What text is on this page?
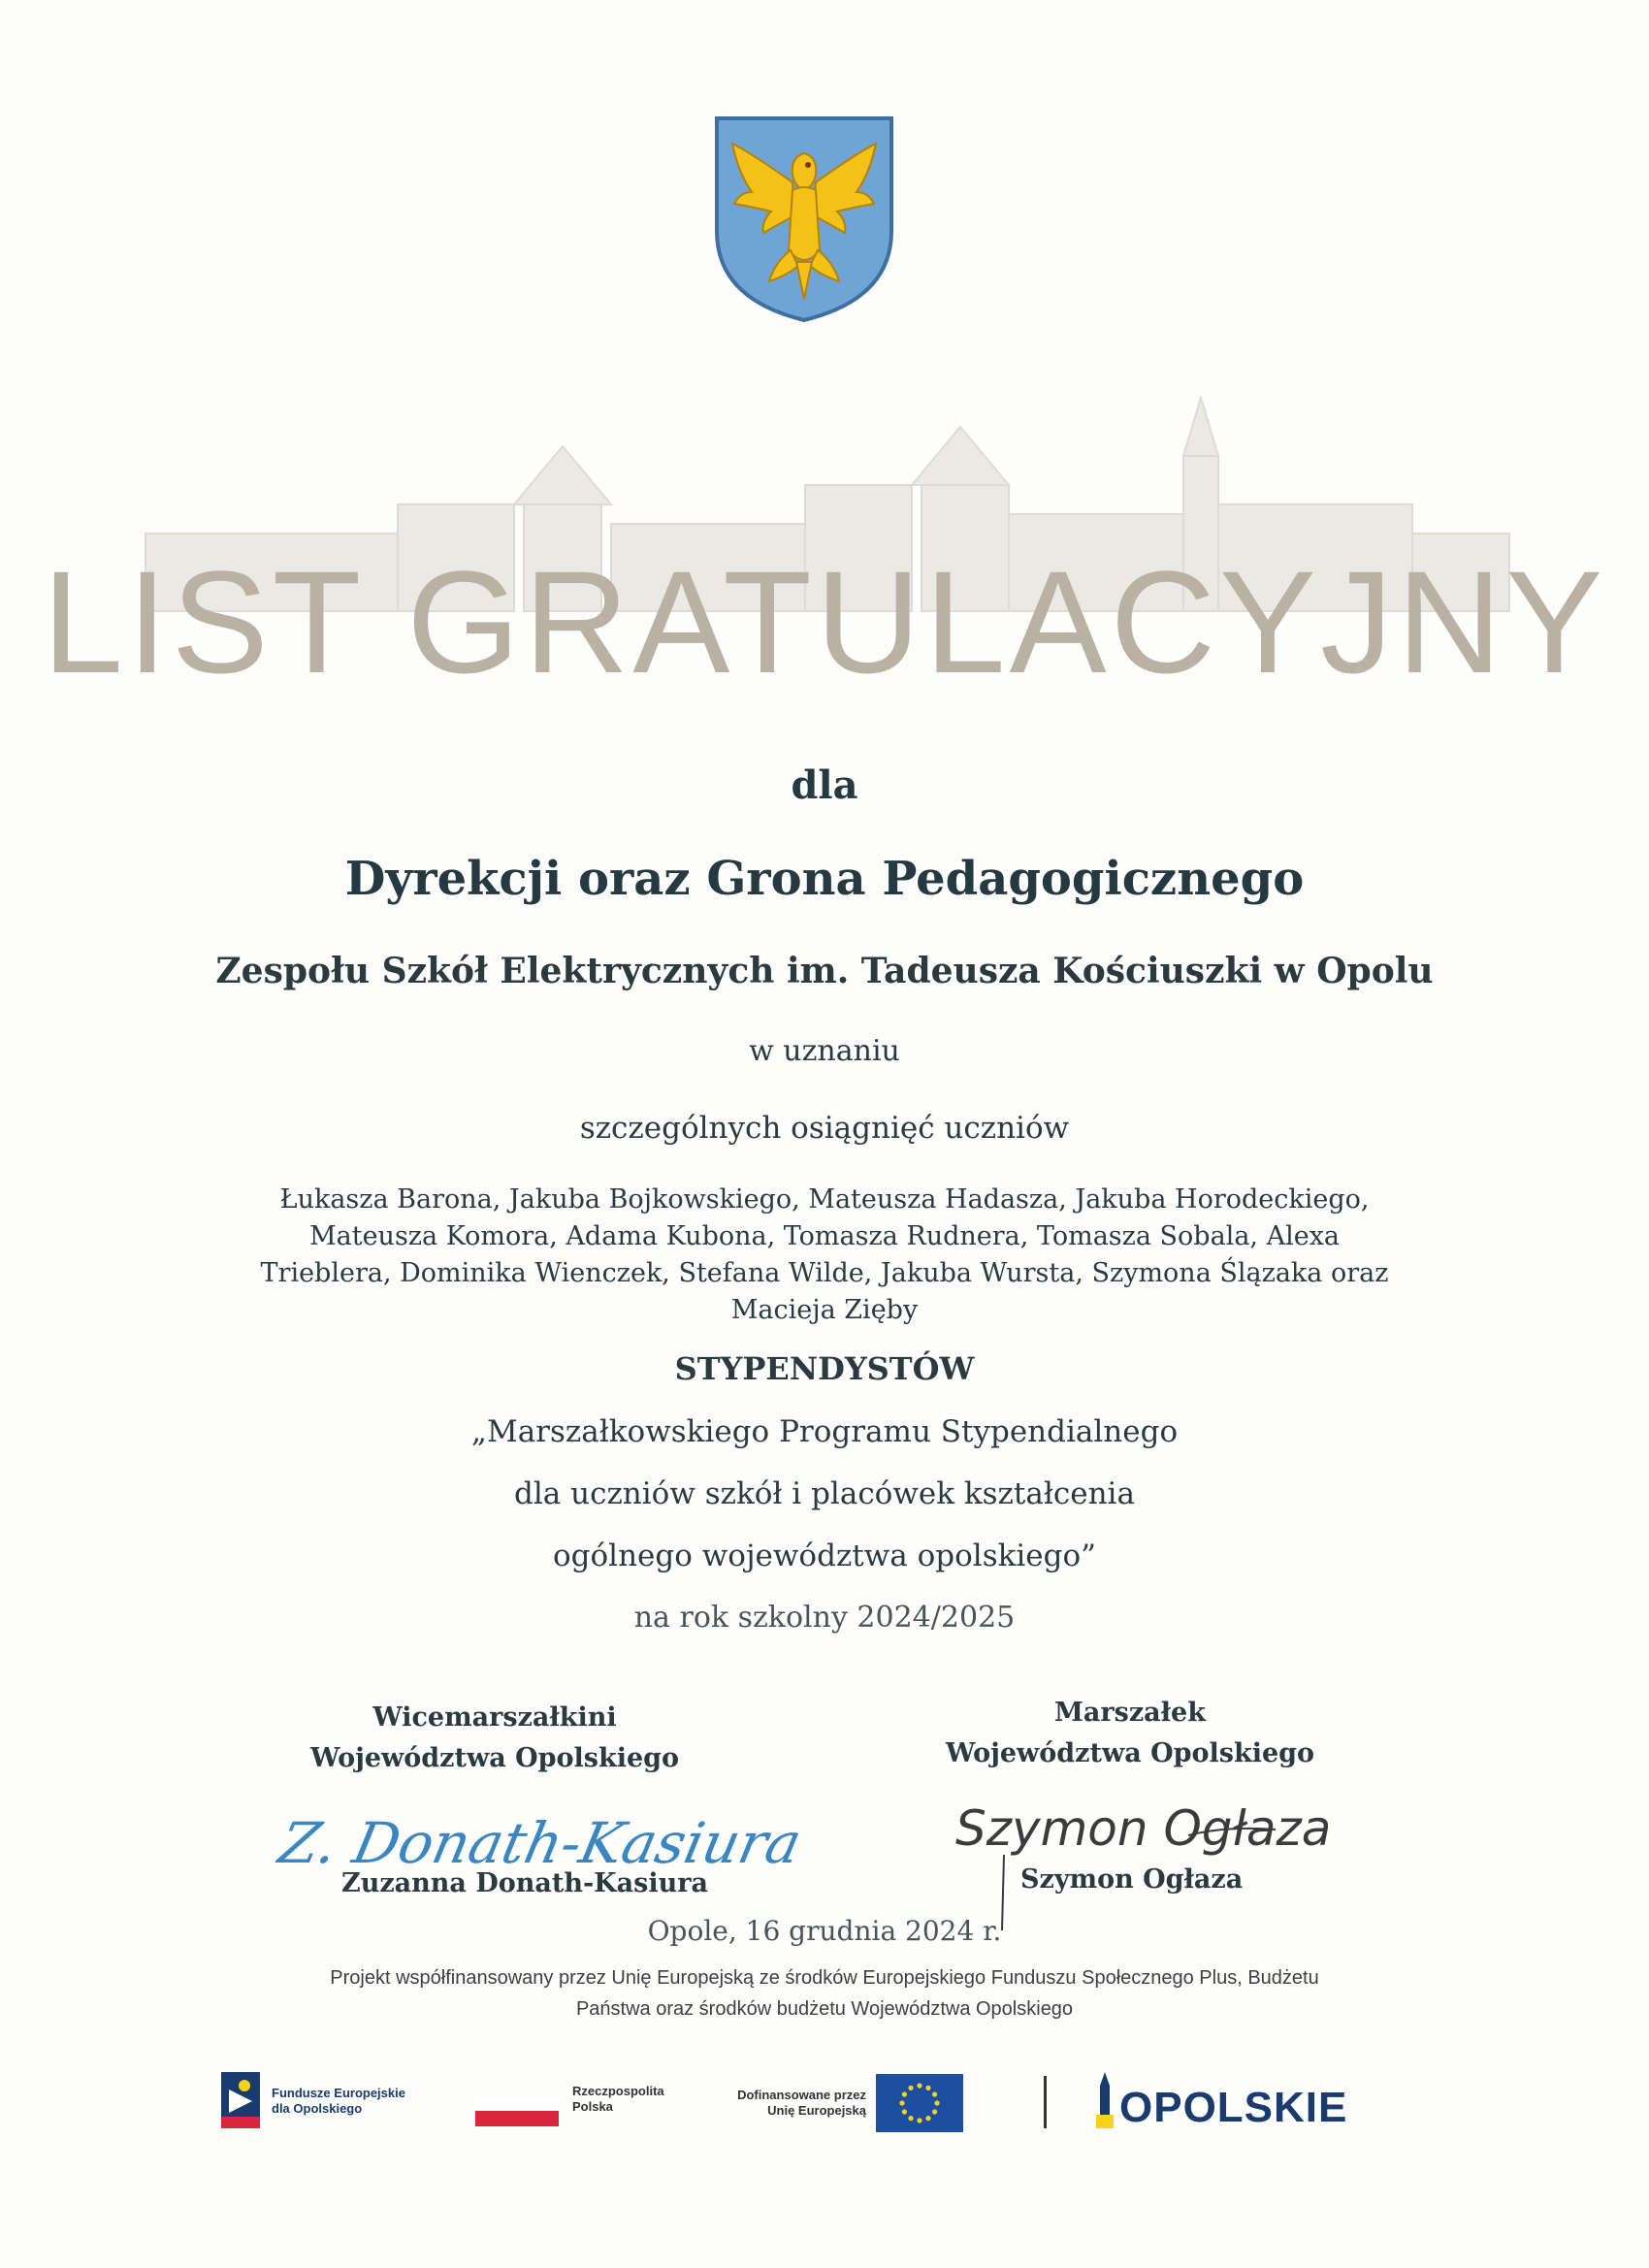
LIST GRATULACYJNY
dla
Dyrekcji oraz Grona Pedagogicznego
Zespołu Szkół Elektrycznych im. Tadeusza Kościuszki w Opolu
w uznaniu
szczególnych osiągnięć uczniów
Łukasza Barona, Jakuba Bojkowskiego, Mateusza Hadasza, Jakuba Horodeckiego,
Mateusza Komora, Adama Kubona, Tomasza Rudnera, Tomasza Sobala, Alexa
Trieblera, Dominika Wienczek, Stefana Wilde, Jakuba Wursta, Szymona Ślązaka oraz
Macieja Zięby
STYPENDYSTÓW
„Marszałkowskiego Programu Stypendialnego
dla uczniów szkół i placówek kształcenia
ogólnego województwa opolskiego”
na rok szkolny 2024/2025
Wicemarszałkini
Województwa Opolskiego
Z. Donath-Kasiura
Zuzanna Donath-Kasiura
Marszałek
Województwa Opolskiego
Szymon Ogłaza
Szymon Ogłaza
Opole, 16 grudnia 2024 r.
Projekt współfinansowany przez Unię Europejską ze środków Europejskiego Funduszu Społecznego Plus, Budżetu
Państwa oraz środków budżetu Województwa Opolskiego
Fundusze Europejskie
dla Opolskiego
Rzeczpospolita
Polska
Dofinansowane przez
Unię Europejską	OPOLSKIE
